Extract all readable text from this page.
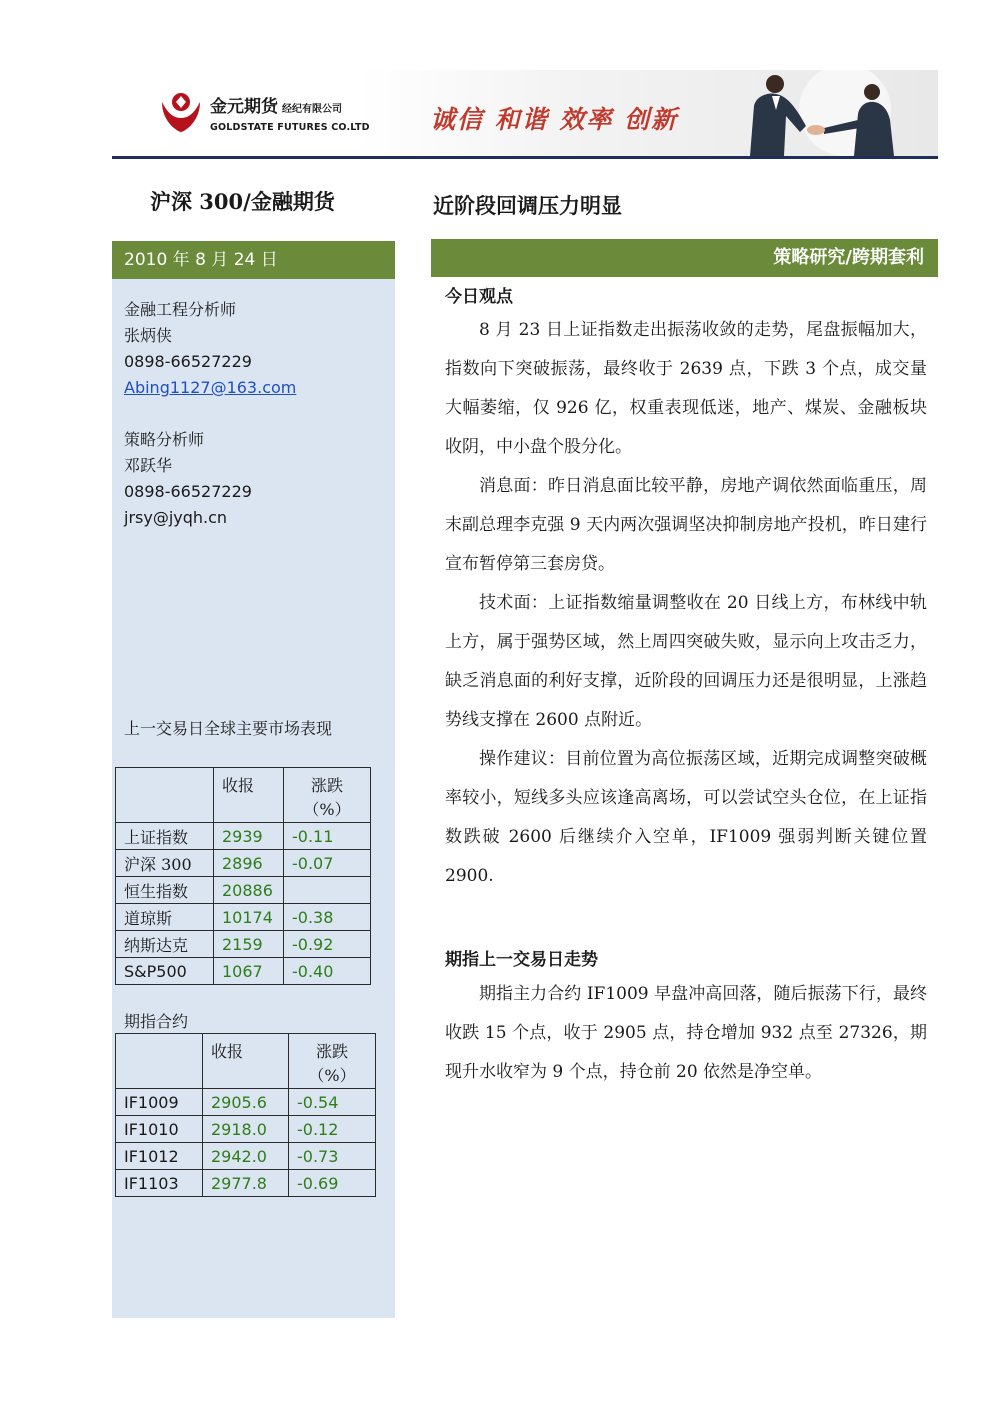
金元期货 经纪有限公司
GOLDSTATE FUTURES CO.LTD 诚信 和谐 效率 创新
沪深 300/金融期货
2010 年 8 月 24 日
金融工程分析师
张炳侠
0898-66527229
Abing1127@163.com
策略分析师
邓跃华
0898-66527229
jrsy@jyqh.cn
上一交易日全球主要市场表现
	收报	涨跌
（%）

上证指数	2939	-0.11
沪深 300	2896	-0.07
恒生指数	20886	
道琼斯	10174	-0.38
纳斯达克	2159	-0.92
S&P500	1067	-0.40
期指合约
	收报	涨跌
（%）

IF1009	2905.6	-0.54
IF1010	2918.0	-0.12
IF1012	2942.0	-0.73
IF1103	2977.8	-0.69
近阶段回调压力明显
策略研究/跨期套利
今日观点

8 月 23 日上证指数走出振荡收敛的走势，尾盘振幅加大，指数向下突破振荡，最终收于 2639 点，下跌 3 个点，成交量大幅萎缩，仅 926 亿，权重表现低迷，地产、煤炭、金融板块收阴，中小盘个股分化。

消息面：昨日消息面比较平静，房地产调依然面临重压，周末副总理李克强 9 天内两次强调坚决抑制房地产投机，昨日建行宣布暂停第三套房贷。

技术面：上证指数缩量调整收在 20 日线上方，布林线中轨上方，属于强势区域，然上周四突破失败，显示向上攻击乏力，缺乏消息面的利好支撑，近阶段的回调压力还是很明显，上涨趋势线支撑在 2600 点附近。

操作建议：目前位置为高位振荡区域，近期完成调整突破概率较小，短线多头应该逢高离场，可以尝试空头仓位，在上证指数跌破 2600 后继续介入空单，IF1009 强弱判断关键位置 2900.

期指上一交易日走势

期指主力合约 IF1009 早盘冲高回落，随后振荡下行，最终收跌 15 个点，收于 2905 点，持仓增加 932 点至 27326，期现升水收窄为 9 个点，持仓前 20 依然是净空单。
